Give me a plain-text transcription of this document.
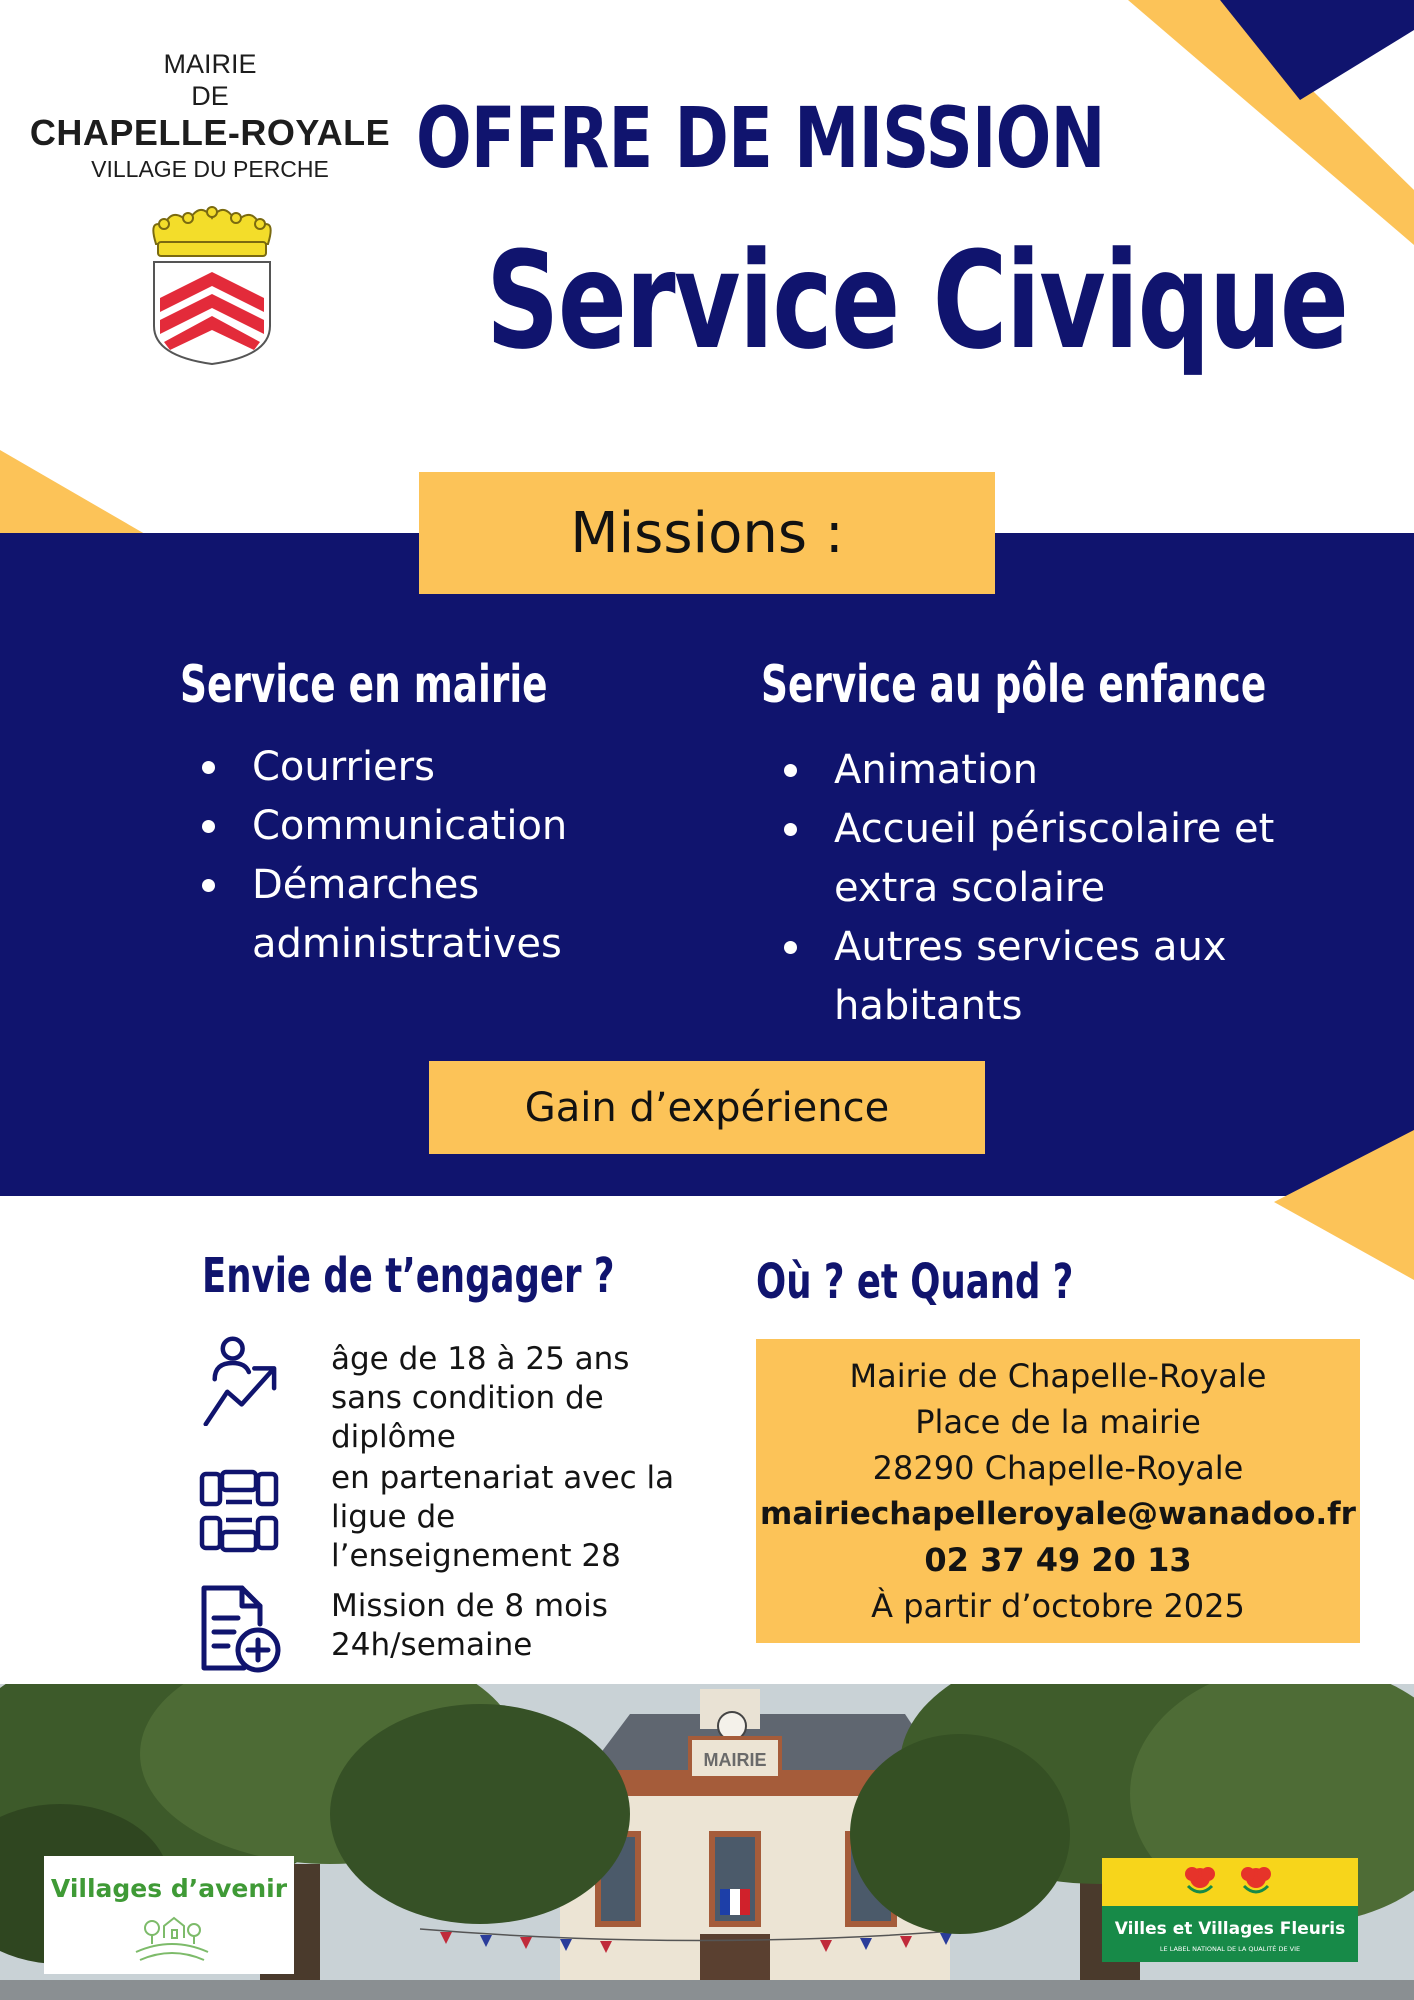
MAIRIE
DE
CHAPELLE-ROYALE
VILLAGE DU PERCHE	OFFRE DE MISSION
Service Civique
Missions :
Service en mairie
Courriers
Communication
Démarches administratives
Service au pôle enfance
Animation
Accueil périscolaire et extra scolaire
Autres services aux habitants
Gain d’expérience
Envie de t’engager ?
âge de 18 à 25 ans sans condition de diplôme
en partenariat avec la ligue de l’enseignement 28
Mission de 8 mois 24h/semaine
Où ? et Quand ?
Mairie de Chapelle-Royale
Place de la mairie
28290 Chapelle-Royale
mairiechapelleroyale@wanadoo.fr
02 37 49 20 13
À partir d’octobre 2025
MAIRIE
Villages d’avenir
Villes et Villages Fleuris
LE LABEL NATIONAL DE LA QUALITÉ DE VIE
